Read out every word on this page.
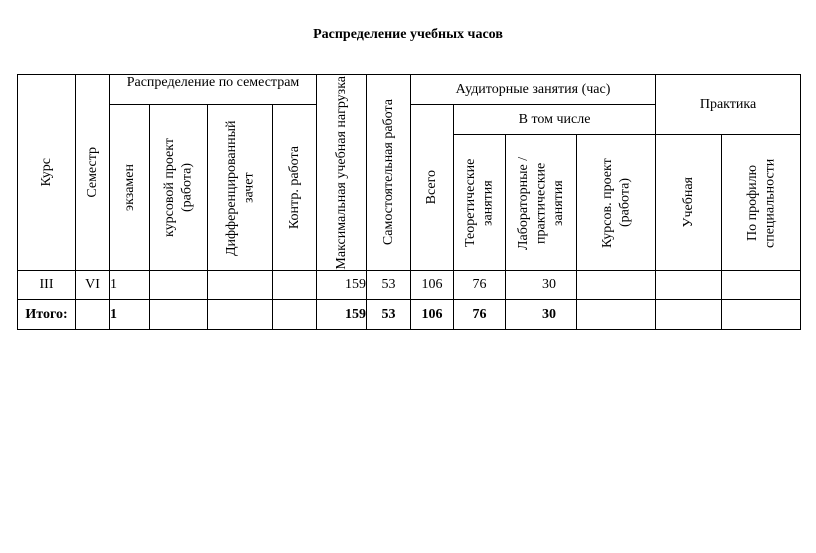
Распределение учебных часов
Курс	Семестр	Распределение по семестрам				Максимальная учебная нагрузка	Самостоятельная работа	Аудиторные занятия (час)				Практика	

		экзамен	курсовой проект (работа)	Дифференцированный зачет	Контр. работа			Всего	В том числе				

									Теоретические занятия	Лабораторные /практические занятия	Курсов. проект (работа)	Учебная	По профилю специальности

III	VI	1				159	53	106	76	30			
Итого:		1				159	53	106	76	30			
